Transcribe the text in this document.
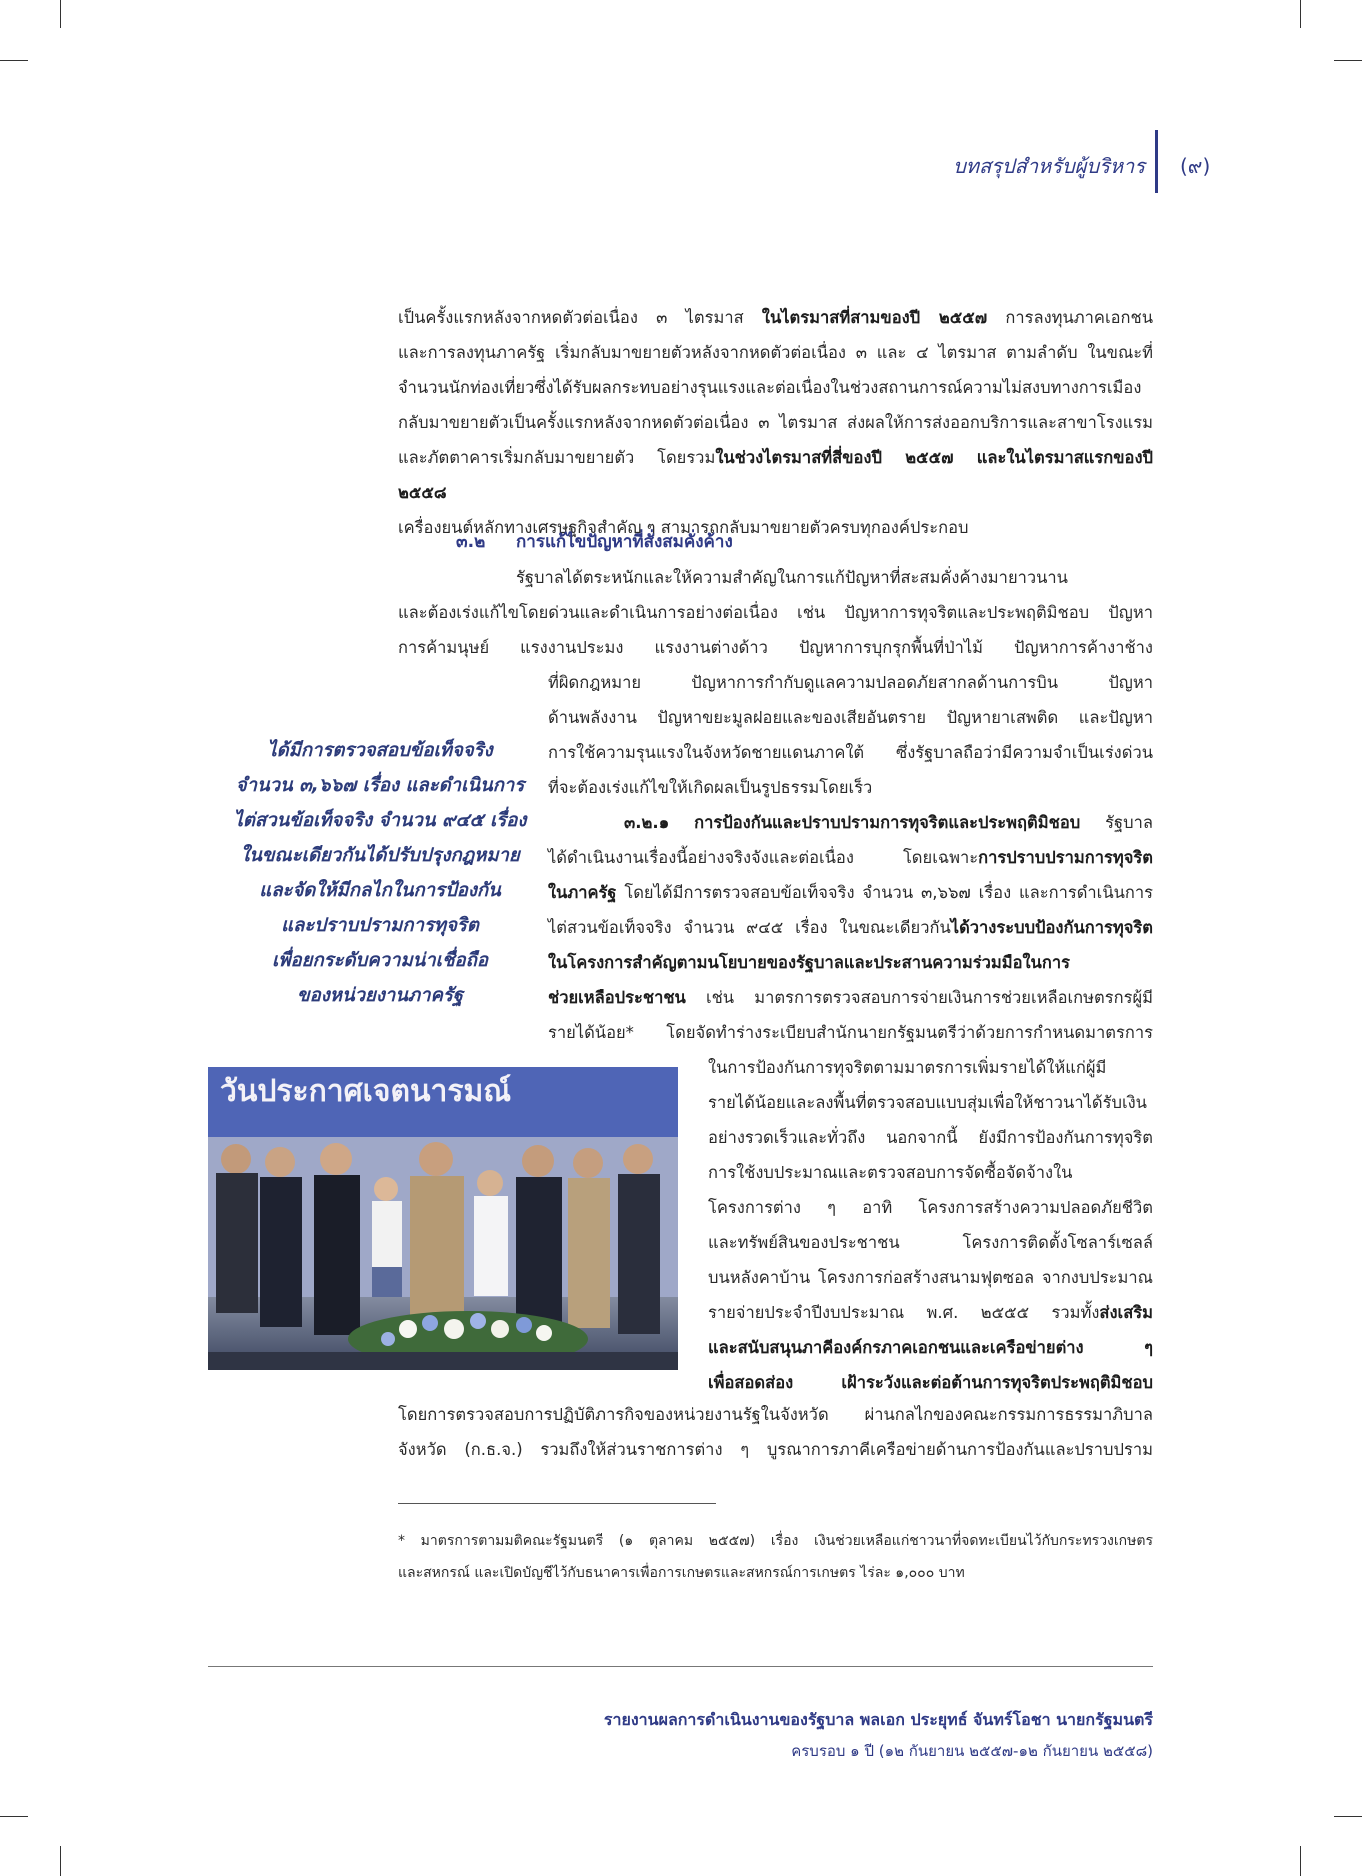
บทสรุปสำหรับผู้บริหาร (๙)
เป็นครั้งแรกหลังจากหดตัวต่อเนื่อง ๓ ไตรมาส ในไตรมาสที่สามของปี ๒๕๕๗ การลงทุนภาคเอกชน
และการลงทุนภาครัฐ เริ่มกลับมาขยายตัวหลังจากหดตัวต่อเนื่อง ๓ และ ๔ ไตรมาส ตามลำดับ ในขณะที่
จำนวนนักท่องเที่ยวซึ่งได้รับผลกระทบอย่างรุนแรงและต่อเนื่องในช่วงสถานการณ์ความไม่สงบทางการเมือง
กลับมาขยายตัวเป็นครั้งแรกหลังจากหดตัวต่อเนื่อง ๓ ไตรมาส ส่งผลให้การส่งออกบริการและสาขาโรงแรม
และภัตตาคารเริ่มกลับมาขยายตัว โดยรวมในช่วงไตรมาสที่สี่ของปี ๒๕๕๗ และในไตรมาสแรกของปี ๒๕๕๘
เครื่องยนต์หลักทางเศรษฐกิจสำคัญ ๆ สามารถกลับมาขยายตัวครบทุกองค์ประกอบ
๓.๒ การแก้ไขปัญหาที่สั่งสมคั่งค้าง
รัฐบาลได้ตระหนักและให้ความสำคัญในการแก้ปัญหาที่สะสมคั่งค้างมายาวนาน
และต้องเร่งแก้ไขโดยด่วนและดำเนินการอย่างต่อเนื่อง เช่น ปัญหาการทุจริตและประพฤติมิชอบ ปัญหา
การค้ามนุษย์ แรงงานประมง แรงงานต่างด้าว ปัญหาการบุกรุกพื้นที่ป่าไม้ ปัญหาการค้างาช้าง
ที่ผิดกฎหมาย ปัญหาการกำกับดูแลความปลอดภัยสากลด้านการบิน ปัญหา
ด้านพลังงาน ปัญหาขยะมูลฝอยและของเสียอันตราย ปัญหายาเสพติด และปัญหา
การใช้ความรุนแรงในจังหวัดชายแดนภาคใต้ ซึ่งรัฐบาลถือว่ามีความจำเป็นเร่งด่วน
ที่จะต้องเร่งแก้ไขให้เกิดผลเป็นรูปธรรมโดยเร็ว
ได้มีการตรวจสอบข้อเท็จจริง
จำนวน ๓,๖๖๗ เรื่อง และดำเนินการ
ไต่สวนข้อเท็จจริง จำนวน ๙๔๕ เรื่อง
ในขณะเดียวกันได้ปรับปรุงกฎหมาย
และจัดให้มีกลไกในการป้องกัน
และปราบปรามการทุจริต
เพื่อยกระดับความน่าเชื่อถือ
ของหน่วยงานภาครัฐ
๓.๒.๑ การป้องกันและปราบปรามการทุจริตและประพฤติมิชอบ รัฐบาล
ได้ดำเนินงานเรื่องนี้อย่างจริงจังและต่อเนื่อง โดยเฉพาะการปราบปรามการทุจริต
ในภาครัฐ โดยได้มีการตรวจสอบข้อเท็จจริง จำนวน ๓,๖๖๗ เรื่อง และการดำเนินการ
ไต่สวนข้อเท็จจริง จำนวน ๙๔๕ เรื่อง ในขณะเดียวกันได้วางระบบป้องกันการทุจริต
ในโครงการสำคัญตามนโยบายของรัฐบาลและประสานความร่วมมือในการ
ช่วยเหลือประชาชน เช่น มาตรการตรวจสอบการจ่ายเงินการช่วยเหลือเกษตรกรผู้มี
รายได้น้อย* โดยจัดทำร่างระเบียบสำนักนายกรัฐมนตรีว่าด้วยการกำหนดมาตรการ
วันประกาศเจตนารมณ์
ในการป้องกันการทุจริตตามมาตรการเพิ่มรายได้ให้แก่ผู้มี
รายได้น้อยและลงพื้นที่ตรวจสอบแบบสุ่มเพื่อให้ชาวนาได้รับเงิน
อย่างรวดเร็วและทั่วถึง นอกจากนี้ ยังมีการป้องกันการทุจริต
การใช้งบประมาณและตรวจสอบการจัดซื้อจัดจ้างใน
โครงการต่าง ๆ อาทิ โครงการสร้างความปลอดภัยชีวิต
และทรัพย์สินของประชาชน โครงการติดตั้งโซลาร์เซลล์
บนหลังคาบ้าน โครงการก่อสร้างสนามฟุตซอล จากงบประมาณ
รายจ่ายประจำปีงบประมาณ พ.ศ. ๒๕๕๕ รวมทั้งส่งเสริม
และสนับสนุนภาคีองค์กรภาคเอกชนและเครือข่ายต่าง ๆ
เพื่อสอดส่อง เฝ้าระวังและต่อต้านการทุจริตประพฤติมิชอบ
โดยการตรวจสอบการปฏิบัติภารกิจของหน่วยงานรัฐในจังหวัด ผ่านกลไกของคณะกรรมการธรรมาภิบาล
จังหวัด (ก.ธ.จ.) รวมถึงให้ส่วนราชการต่าง ๆ บูรณาการภาคีเครือข่ายด้านการป้องกันและปราบปราม
* มาตรการตามมติคณะรัฐมนตรี (๑ ตุลาคม ๒๕๕๗) เรื่อง เงินช่วยเหลือแก่ชาวนาที่จดทะเบียนไว้กับกระทรวงเกษตร
และสหกรณ์ และเปิดบัญชีไว้กับธนาคารเพื่อการเกษตรและสหกรณ์การเกษตร ไร่ละ ๑,๐๐๐ บาท
รายงานผลการดำเนินงานของรัฐบาล พลเอก ประยุทธ์ จันทร์โอชา นายกรัฐมนตรี
ครบรอบ ๑ ปี (๑๒ กันยายน ๒๕๕๗-๑๒ กันยายน ๒๕๕๘)
